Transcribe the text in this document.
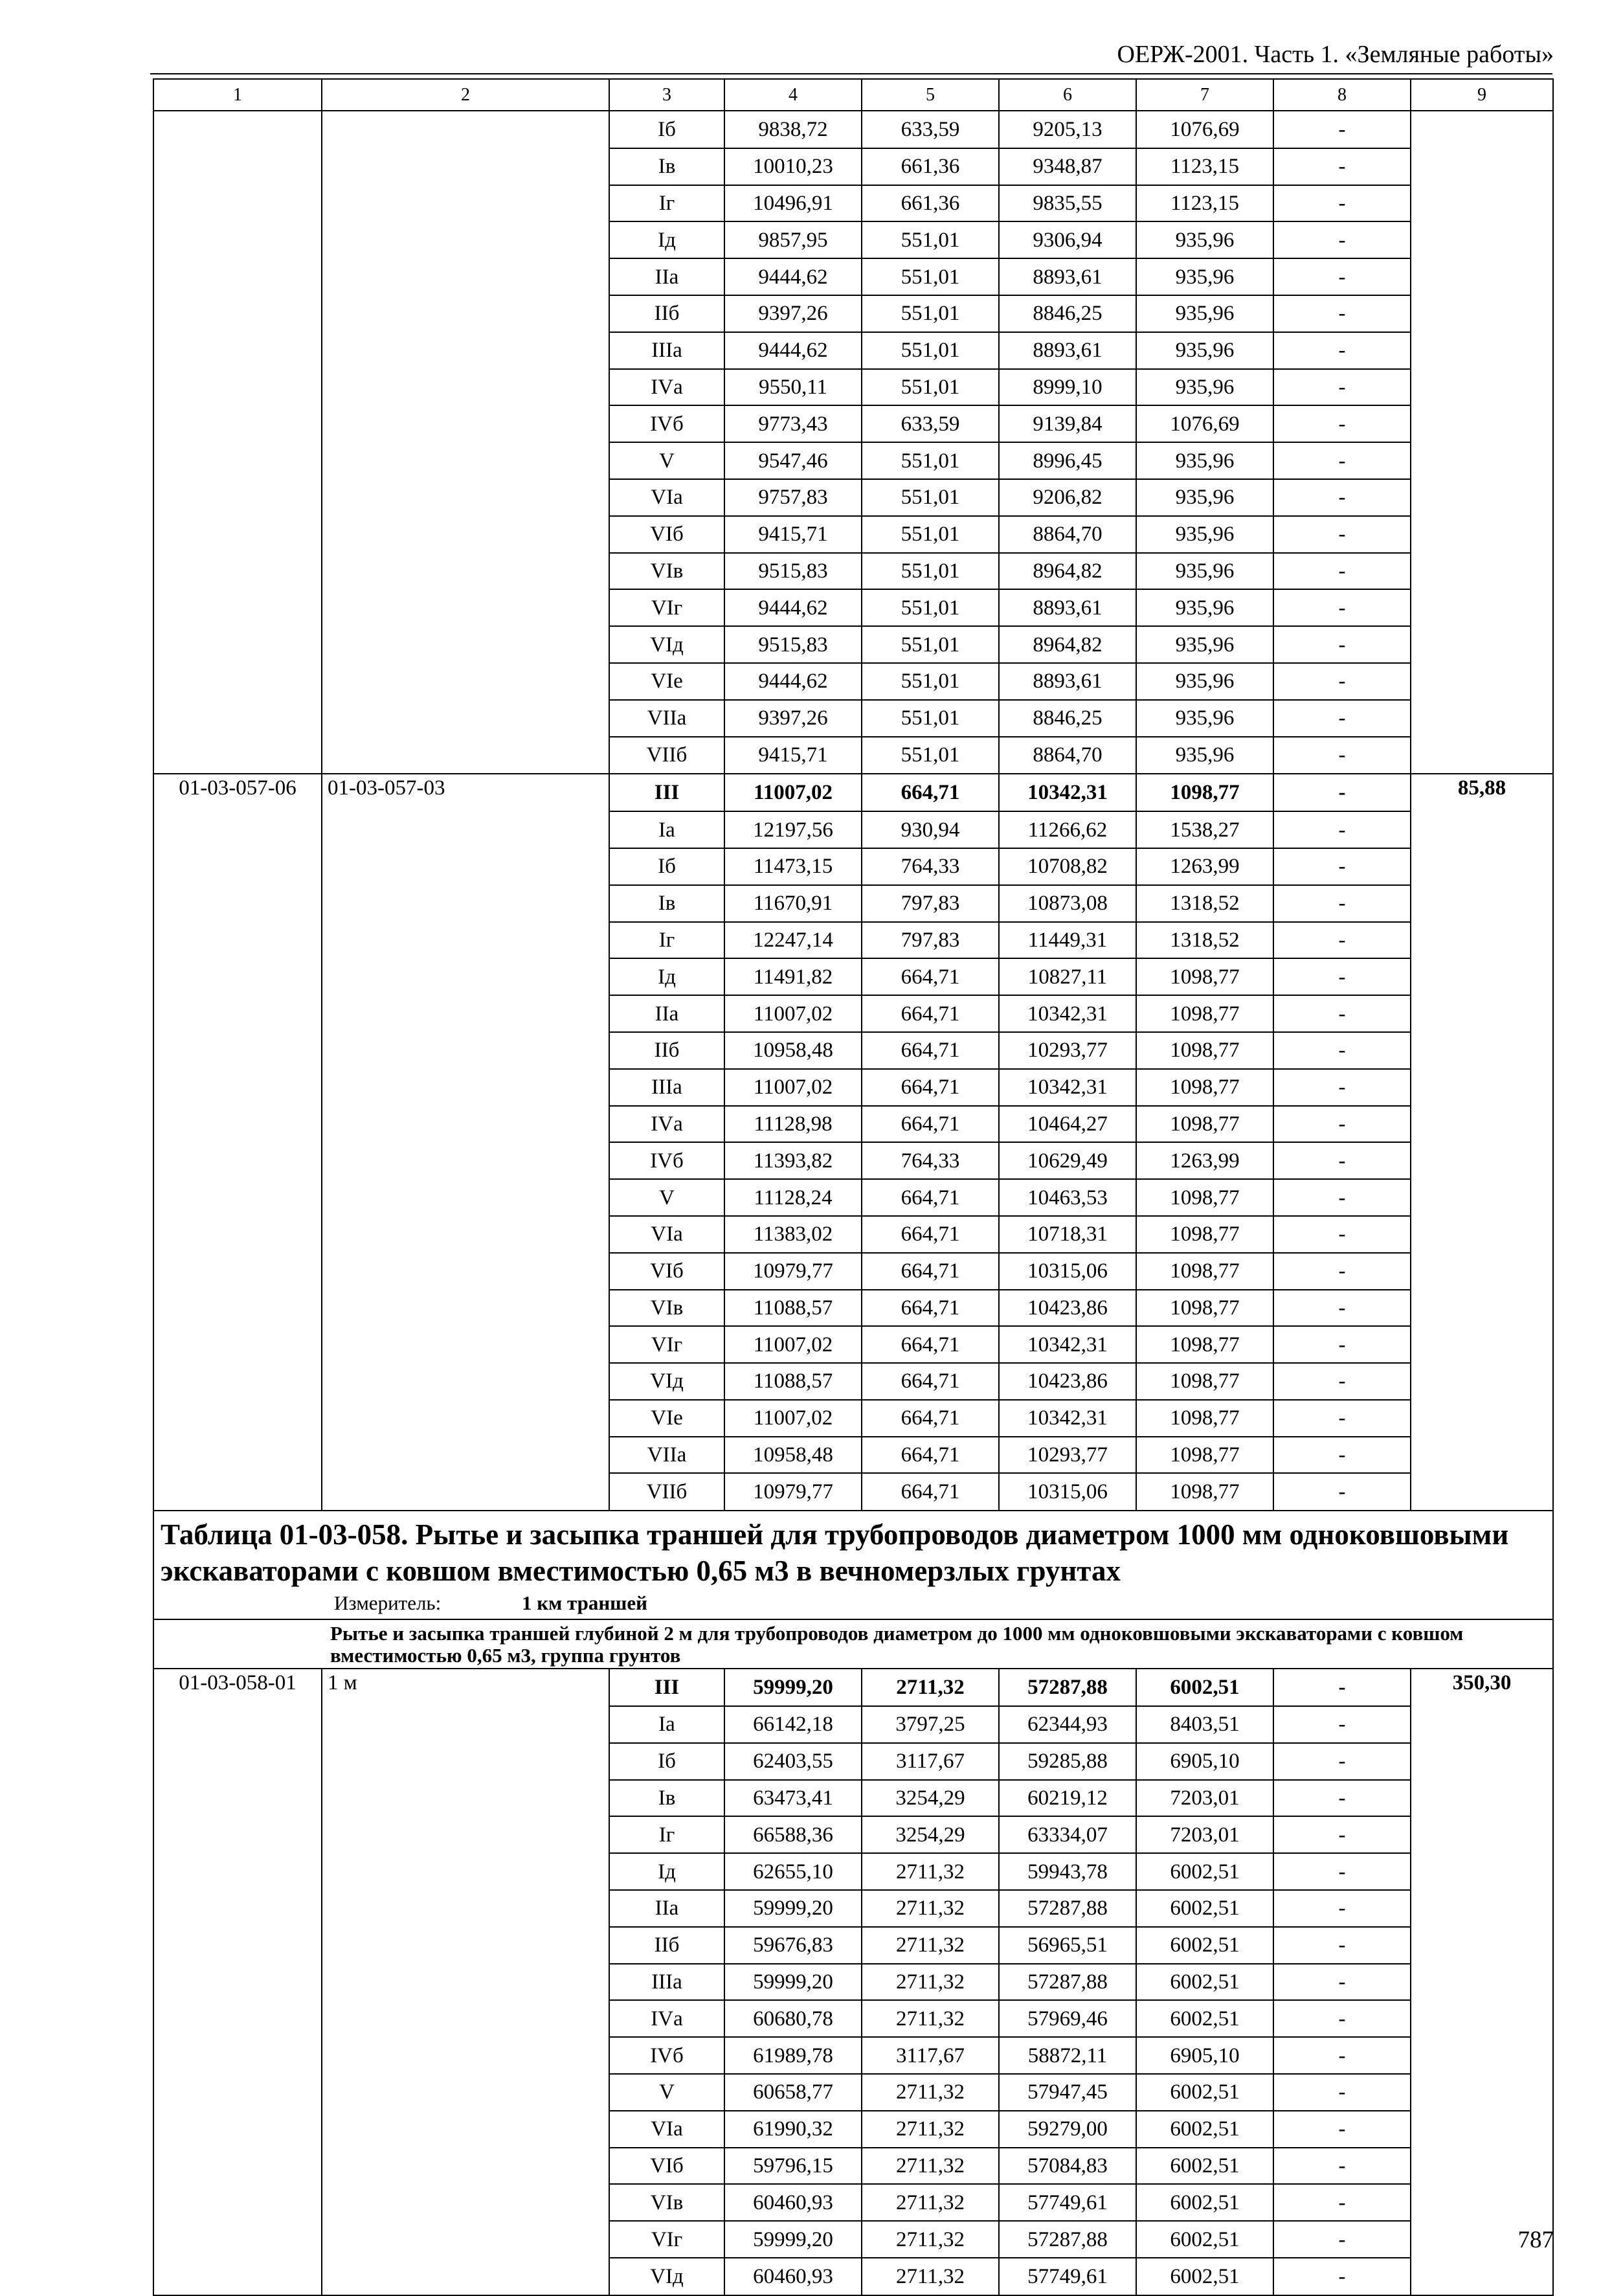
ОЕРЖ-2001. Часть 1. «Земляные работы»
1	2	3	4	5	6	7	8	9
		Iб	9838,72	633,59	9205,13	1076,69	-	
		Iв	10010,23	661,36	9348,87	1123,15	-	
		Iг	10496,91	661,36	9835,55	1123,15	-	
		Iд	9857,95	551,01	9306,94	935,96	-	
		IIа	9444,62	551,01	8893,61	935,96	-	
		IIб	9397,26	551,01	8846,25	935,96	-	
		IIIа	9444,62	551,01	8893,61	935,96	-	
		IVа	9550,11	551,01	8999,10	935,96	-	
		IVб	9773,43	633,59	9139,84	1076,69	-	
		V	9547,46	551,01	8996,45	935,96	-	
		VIа	9757,83	551,01	9206,82	935,96	-	
		VIб	9415,71	551,01	8864,70	935,96	-	
		VIв	9515,83	551,01	8964,82	935,96	-	
		VIг	9444,62	551,01	8893,61	935,96	-	
		VIд	9515,83	551,01	8964,82	935,96	-	
		VIе	9444,62	551,01	8893,61	935,96	-	
		VIIа	9397,26	551,01	8846,25	935,96	-	
		VIIб	9415,71	551,01	8864,70	935,96	-	
01-03-057-06	01-03-057-03	III	11007,02	664,71	10342,31	1098,77	-	85,88
		Iа	12197,56	930,94	11266,62	1538,27	-	
		Iб	11473,15	764,33	10708,82	1263,99	-	
		Iв	11670,91	797,83	10873,08	1318,52	-	
		Iг	12247,14	797,83	11449,31	1318,52	-	
		Iд	11491,82	664,71	10827,11	1098,77	-	
		IIа	11007,02	664,71	10342,31	1098,77	-	
		IIб	10958,48	664,71	10293,77	1098,77	-	
		IIIа	11007,02	664,71	10342,31	1098,77	-	
		IVа	11128,98	664,71	10464,27	1098,77	-	
		IVб	11393,82	764,33	10629,49	1263,99	-	
		V	11128,24	664,71	10463,53	1098,77	-	
		VIа	11383,02	664,71	10718,31	1098,77	-	
		VIб	10979,77	664,71	10315,06	1098,77	-	
		VIв	11088,57	664,71	10423,86	1098,77	-	
		VIг	11007,02	664,71	10342,31	1098,77	-	
		VIд	11088,57	664,71	10423,86	1098,77	-	
		VIе	11007,02	664,71	10342,31	1098,77	-	
		VIIа	10958,48	664,71	10293,77	1098,77	-	
		VIIб	10979,77	664,71	10315,06	1098,77	-	

Таблица 01-03-058. Рытье и засыпка траншей для трубопроводов диаметром 1000 мм одноковшовыми экскаваторами с ковшом вместимостью 0,65 м3 в вечномерзлых грунтах
Измеритель: 1 км траншей								

Рытье и засыпка траншей глубиной 2 м для трубопроводов диаметром до 1000 мм одноковшовыми экскаваторами с ковшом вместимостью 0,65 м3, группа грунтов								
01-03-058-01	1 м	III	59999,20	2711,32	57287,88	6002,51	-	350,30
		Iа	66142,18	3797,25	62344,93	8403,51	-	
		Iб	62403,55	3117,67	59285,88	6905,10	-	
		Iв	63473,41	3254,29	60219,12	7203,01	-	
		Iг	66588,36	3254,29	63334,07	7203,01	-	
		Iд	62655,10	2711,32	59943,78	6002,51	-	
		IIа	59999,20	2711,32	57287,88	6002,51	-	
		IIб	59676,83	2711,32	56965,51	6002,51	-	
		IIIа	59999,20	2711,32	57287,88	6002,51	-	
		IVа	60680,78	2711,32	57969,46	6002,51	-	
		IVб	61989,78	3117,67	58872,11	6905,10	-	
		V	60658,77	2711,32	57947,45	6002,51	-	
		VIа	61990,32	2711,32	59279,00	6002,51	-	
		VIб	59796,15	2711,32	57084,83	6002,51	-	
		VIв	60460,93	2711,32	57749,61	6002,51	-	
		VIг	59999,20	2711,32	57287,88	6002,51	-	
		VIд	60460,93	2711,32	57749,61	6002,51	-	
787
